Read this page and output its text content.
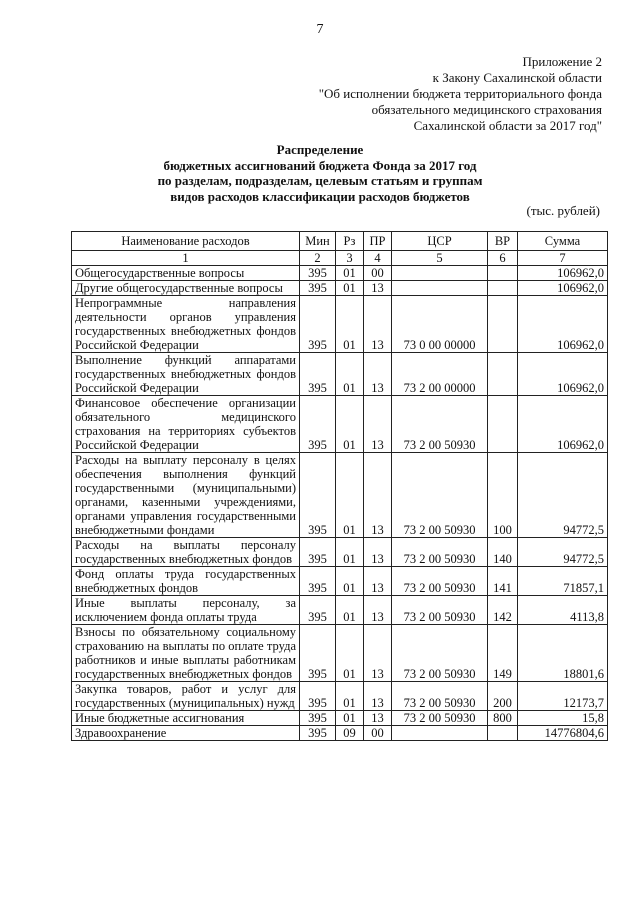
7
Приложение 2
к Закону Сахалинской области
"Об исполнении бюджета территориального фонда
обязательного медицинского страхования
Сахалинской области за 2017 год"
Распределение
бюджетных ассигнований бюджета Фонда за 2017 год
по разделам, подразделам, целевым статьям и группам
видов расходов классификации расходов бюджетов
(тыс. рублей)
Наименование расходов	Мин	Рз	ПР	ЦСР	ВР	Сумма
1	2	3	4	5	6	7
Общегосударственные вопросы	395	01	00			106962,0
Другие общегосударственные вопросы	395	01	13			106962,0
Непрограммные направления деятельности органов управления государственных внебюджетных фондов Российской Федерации	395	01	13	73 0 00 00000		106962,0
Выполнение функций аппаратами государственных внебюджетных фондов Российской Федерации	395	01	13	73 2 00 00000		106962,0
Финансовое обеспечение организации обязательного медицинского страхования на территориях субъектов Российской Федерации	395	01	13	73 2 00 50930		106962,0
Расходы на выплату персоналу в целях обеспечения выполнения функций государственными (муниципальными) органами, казенными учреждениями, органами управления государственными внебюджетными фондами	395	01	13	73 2 00 50930	100	94772,5
Расходы на выплаты персоналу государственных внебюджетных фондов	395	01	13	73 2 00 50930	140	94772,5
Фонд оплаты труда государственных внебюджетных фондов	395	01	13	73 2 00 50930	141	71857,1
Иные выплаты персоналу, за исключением фонда оплаты труда	395	01	13	73 2 00 50930	142	4113,8
Взносы по обязательному социальному страхованию на выплаты по оплате труда работников и иные выплаты работникам государственных внебюджетных фондов	395	01	13	73 2 00 50930	149	18801,6
Закупка товаров, работ и услуг для государственных (муниципальных) нужд	395	01	13	73 2 00 50930	200	12173,7
Иные бюджетные ассигнования	395	01	13	73 2 00 50930	800	15,8
Здравоохранение	395	09	00			14776804,6
